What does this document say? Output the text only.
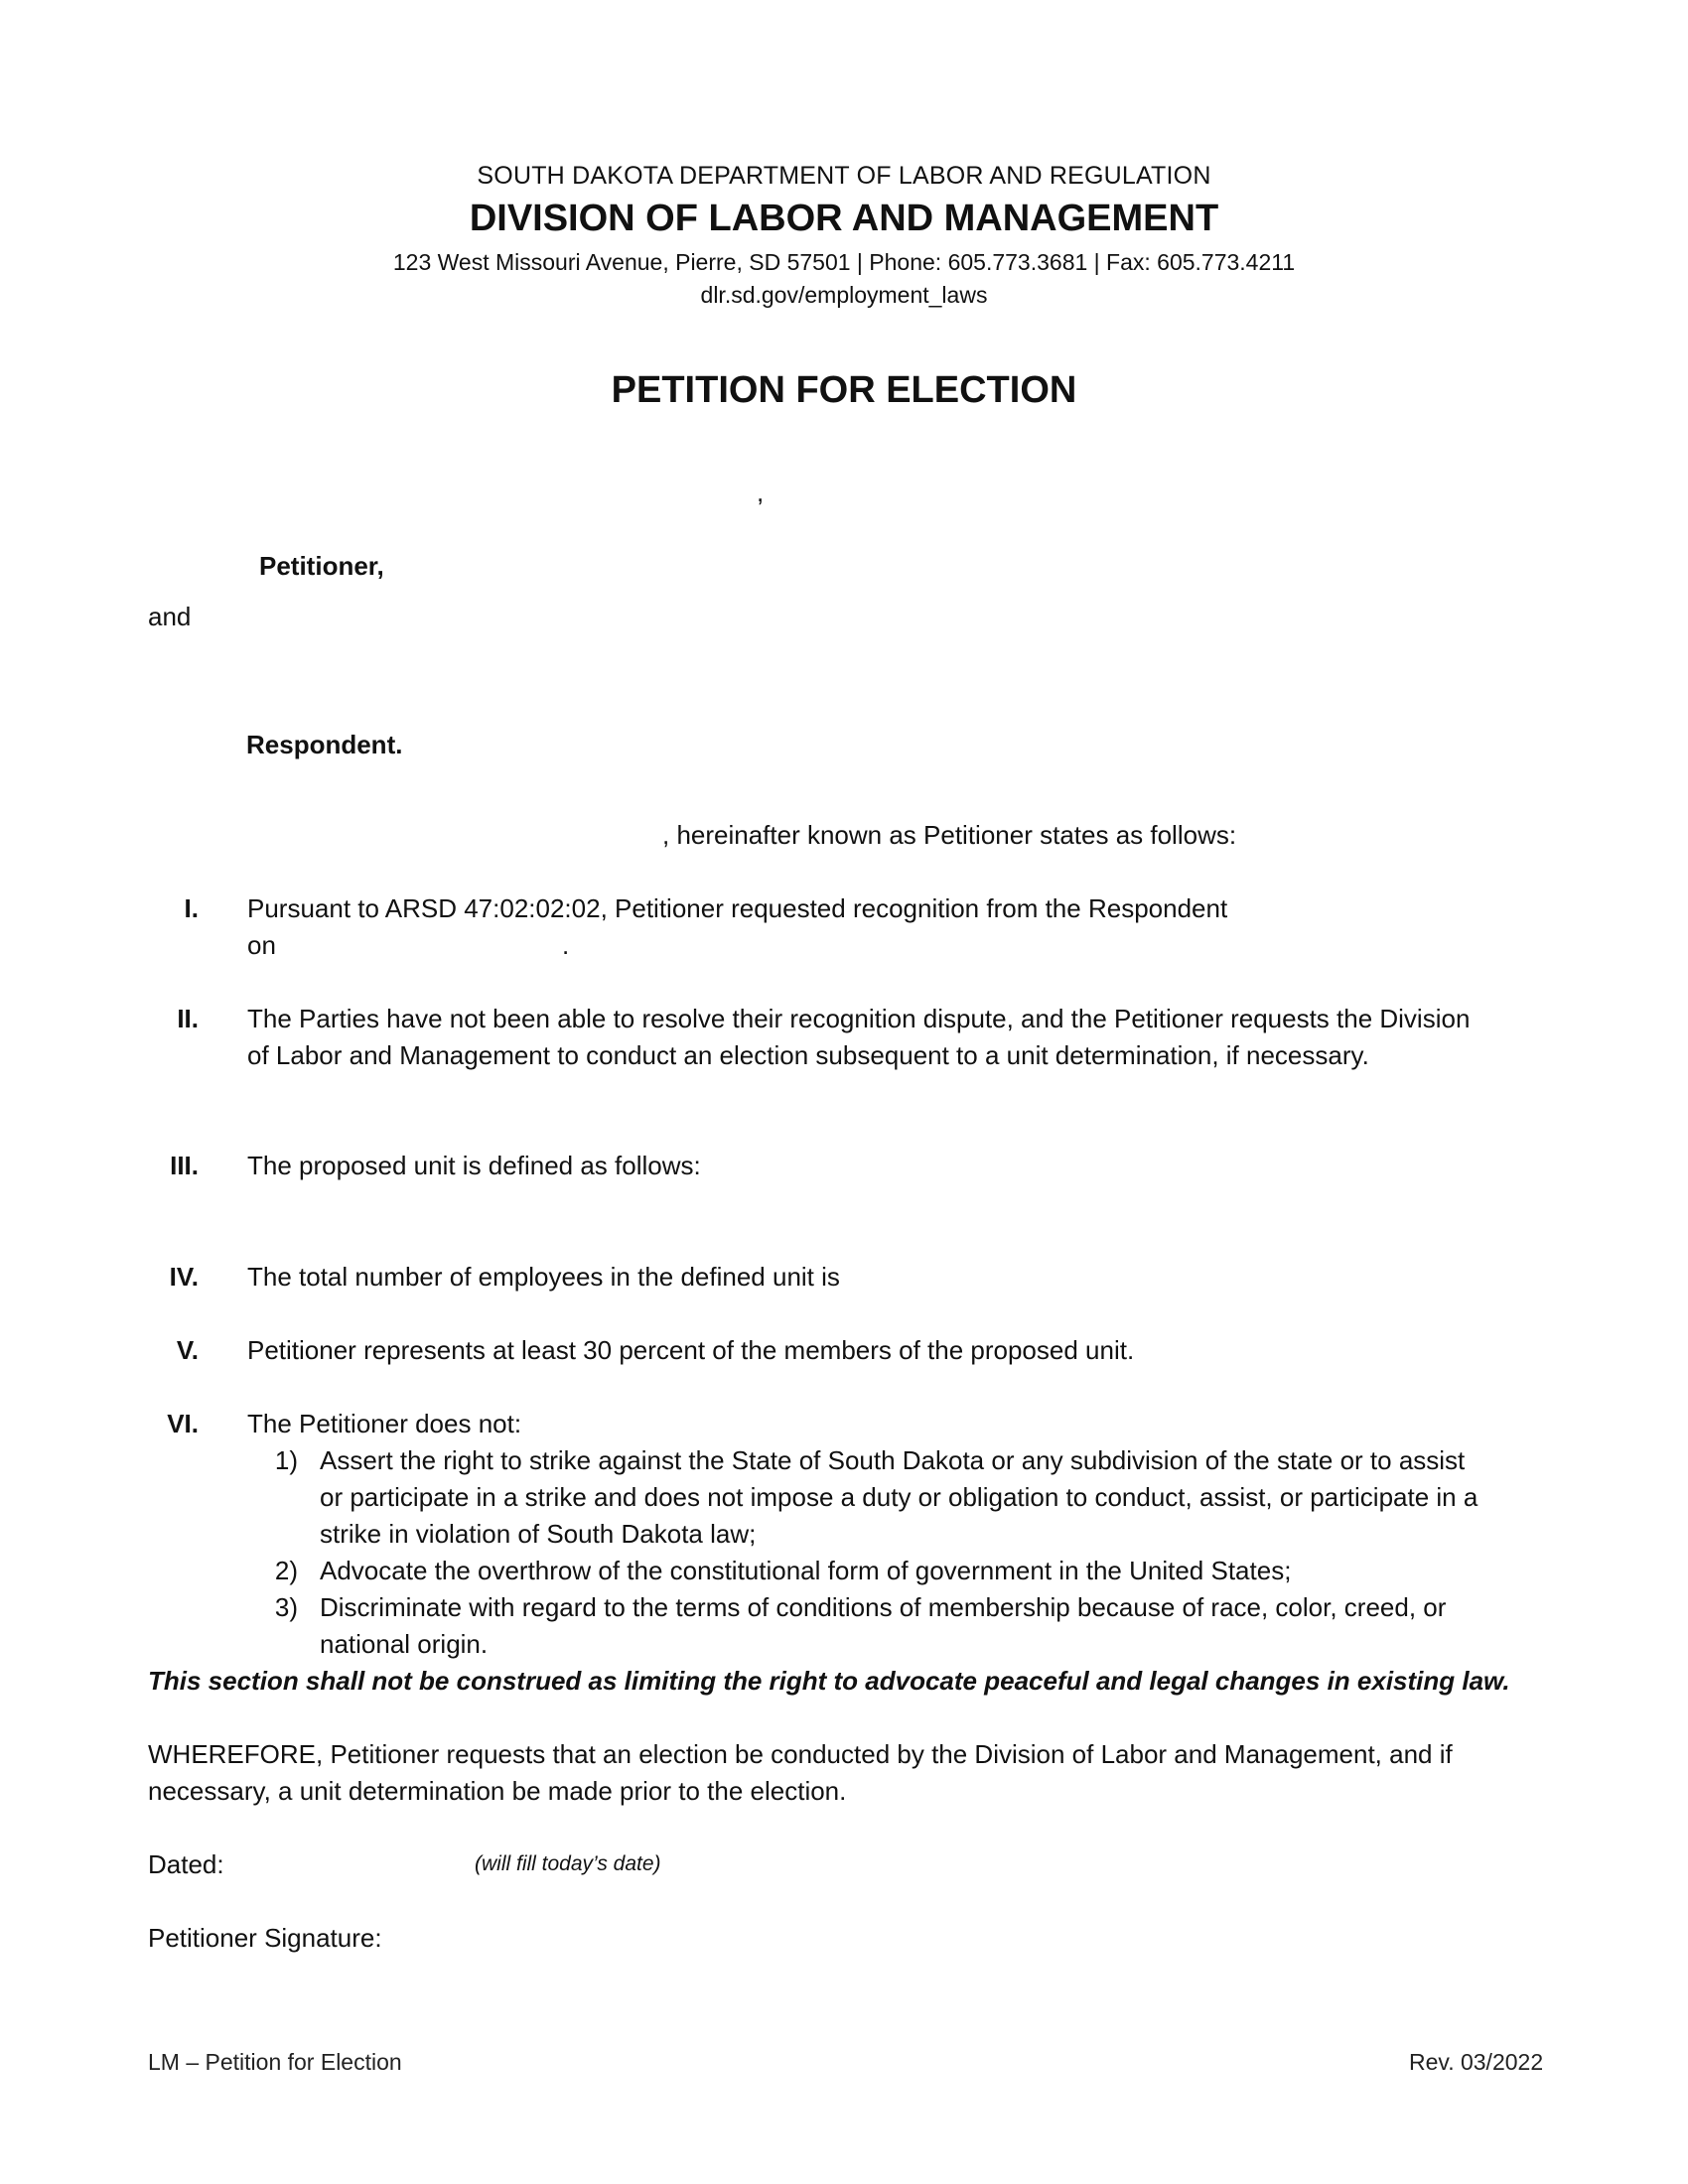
SOUTH DAKOTA DEPARTMENT OF LABOR AND REGULATION
DIVISION OF LABOR AND MANAGEMENT
123 West Missouri Avenue, Pierre, SD 57501 | Phone: 605.773.3681 | Fax: 605.773.4211
dlr.sd.gov/employment_laws
PETITION FOR ELECTION
,
Petitioner,
and
Respondent.
, hereinafter known as Petitioner states as follows:
I. Pursuant to ARSD 47:02:02:02, Petitioner requested recognition from the Respondent
on	.
II. The Parties have not been able to resolve their recognition dispute, and the Petitioner requests the Division of Labor and Management to conduct an election subsequent to a unit determination, if necessary.
III. The proposed unit is defined as follows:
IV. The total number of employees in the defined unit is
V. Petitioner represents at least 30 percent of the members of the proposed unit.
VI. The Petitioner does not:
1) Assert the right to strike against the State of South Dakota or any subdivision of the state or to assist or participate in a strike and does not impose a duty or obligation to conduct, assist, or participate in a strike in violation of South Dakota law;
2) Advocate the overthrow of the constitutional form of government in the United States;
3) Discriminate with regard to the terms of conditions of membership because of race, color, creed, or national origin.
This section shall not be construed as limiting the right to advocate peaceful and legal changes in existing law.
WHEREFORE, Petitioner requests that an election be conducted by the Division of Labor and Management, and if necessary, a unit determination be made prior to the election.
Dated:	(will fill today’s date)
Petitioner Signature:
LM – Petition for Election	Rev. 03/2022
